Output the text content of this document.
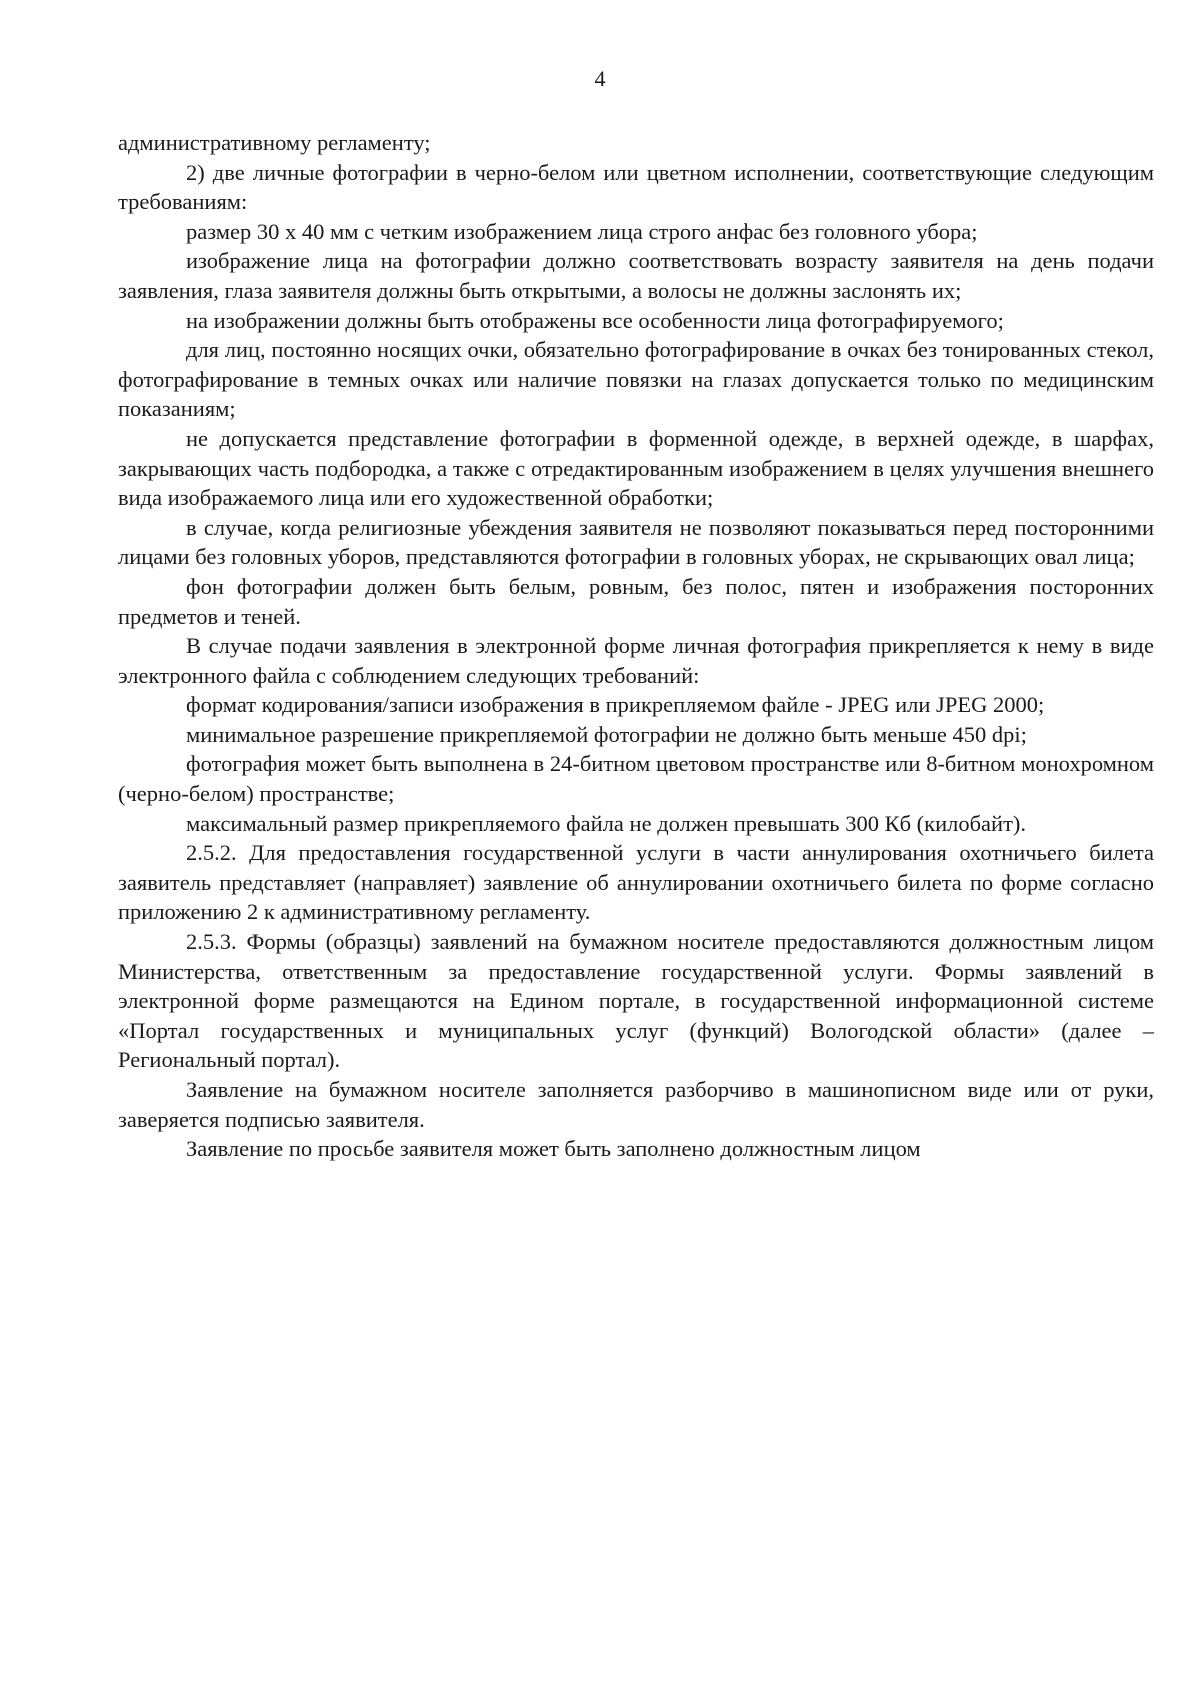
4

административному регламенту;

2) две личные фотографии в черно-белом или цветном исполнении, соответствующие следующим требованиям:

размер 30 х 40 мм с четким изображением лица строго анфас без головного убора;

изображение лица на фотографии должно соответствовать возрасту заявителя на день подачи заявления, глаза заявителя должны быть открытыми, а волосы не должны заслонять их;

на изображении должны быть отображены все особенности лица фотографируемого;

для лиц, постоянно носящих очки, обязательно фотографирование в очках без тонированных стекол, фотографирование в темных очках или наличие повязки на глазах допускается только по медицинским показаниям;

не допускается представление фотографии в форменной одежде, в верхней одежде, в шарфах, закрывающих часть подбородка, а также с отредактированным изображением в целях улучшения внешнего вида изображаемого лица или его художественной обработки;

в случае, когда религиозные убеждения заявителя не позволяют показываться перед посторонними лицами без головных уборов, представляются фотографии в головных уборах, не скрывающих овал лица;

фон фотографии должен быть белым, ровным, без полос, пятен и изображения посторонних предметов и теней.

В случае подачи заявления в электронной форме личная фотография прикрепляется к нему в виде электронного файла с соблюдением следующих требований:

формат кодирования/записи изображения в прикрепляемом файле - JPEG или JPEG 2000;

минимальное разрешение прикрепляемой фотографии не должно быть меньше 450 dpi;

фотография может быть выполнена в 24-битном цветовом пространстве или 8-битном монохромном (черно-белом) пространстве;

максимальный размер прикрепляемого файла не должен превышать 300 Кб (килобайт).

2.5.2. Для предоставления государственной услуги в части аннулирования охотничьего билета заявитель представляет (направляет) заявление об аннулировании охотничьего билета по форме согласно приложению 2 к административному регламенту.

2.5.3. Формы (образцы) заявлений на бумажном носителе предоставляются должностным лицом Министерства, ответственным за предоставление государственной услуги. Формы заявлений в электронной форме размещаются на Едином портале, в государственной информационной системе «Портал государственных и муниципальных услуг (функций) Вологодской области» (далее – Региональный портал).

Заявление на бумажном носителе заполняется разборчиво в машинописном виде или от руки, заверяется подписью заявителя.

Заявление по просьбе заявителя может быть заполнено должностным лицом
